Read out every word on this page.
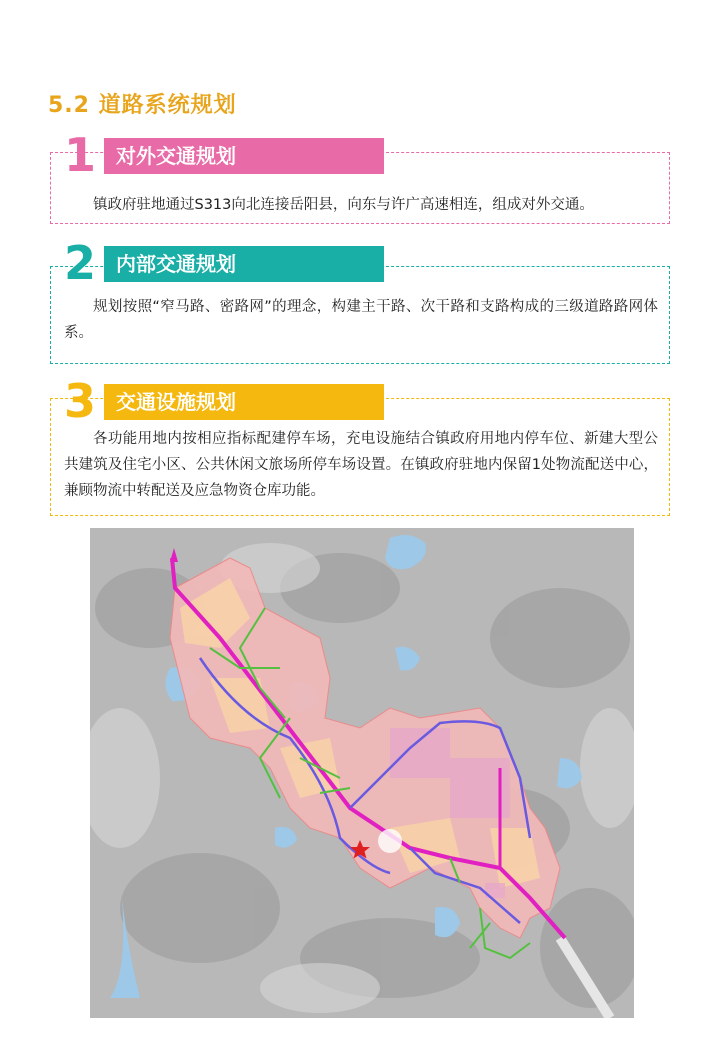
5.2 道路系统规划
1 对外交通规划
镇政府驻地通过S313向北连接岳阳县，向东与许广高速相连，组成对外交通。
2 内部交通规划
规划按照“窄马路、密路网”的理念，构建主干路、次干路和支路构成的三级道路路网体系。
3 交通设施规划
各功能用地内按相应指标配建停车场，充电设施结合镇政府用地内停车位、新建大型公共建筑及住宅小区、公共休闲文旅场所停车场设置。在镇政府驻地内保留1处物流配送中心，兼顾物流中转配送及应急物资仓库功能。
